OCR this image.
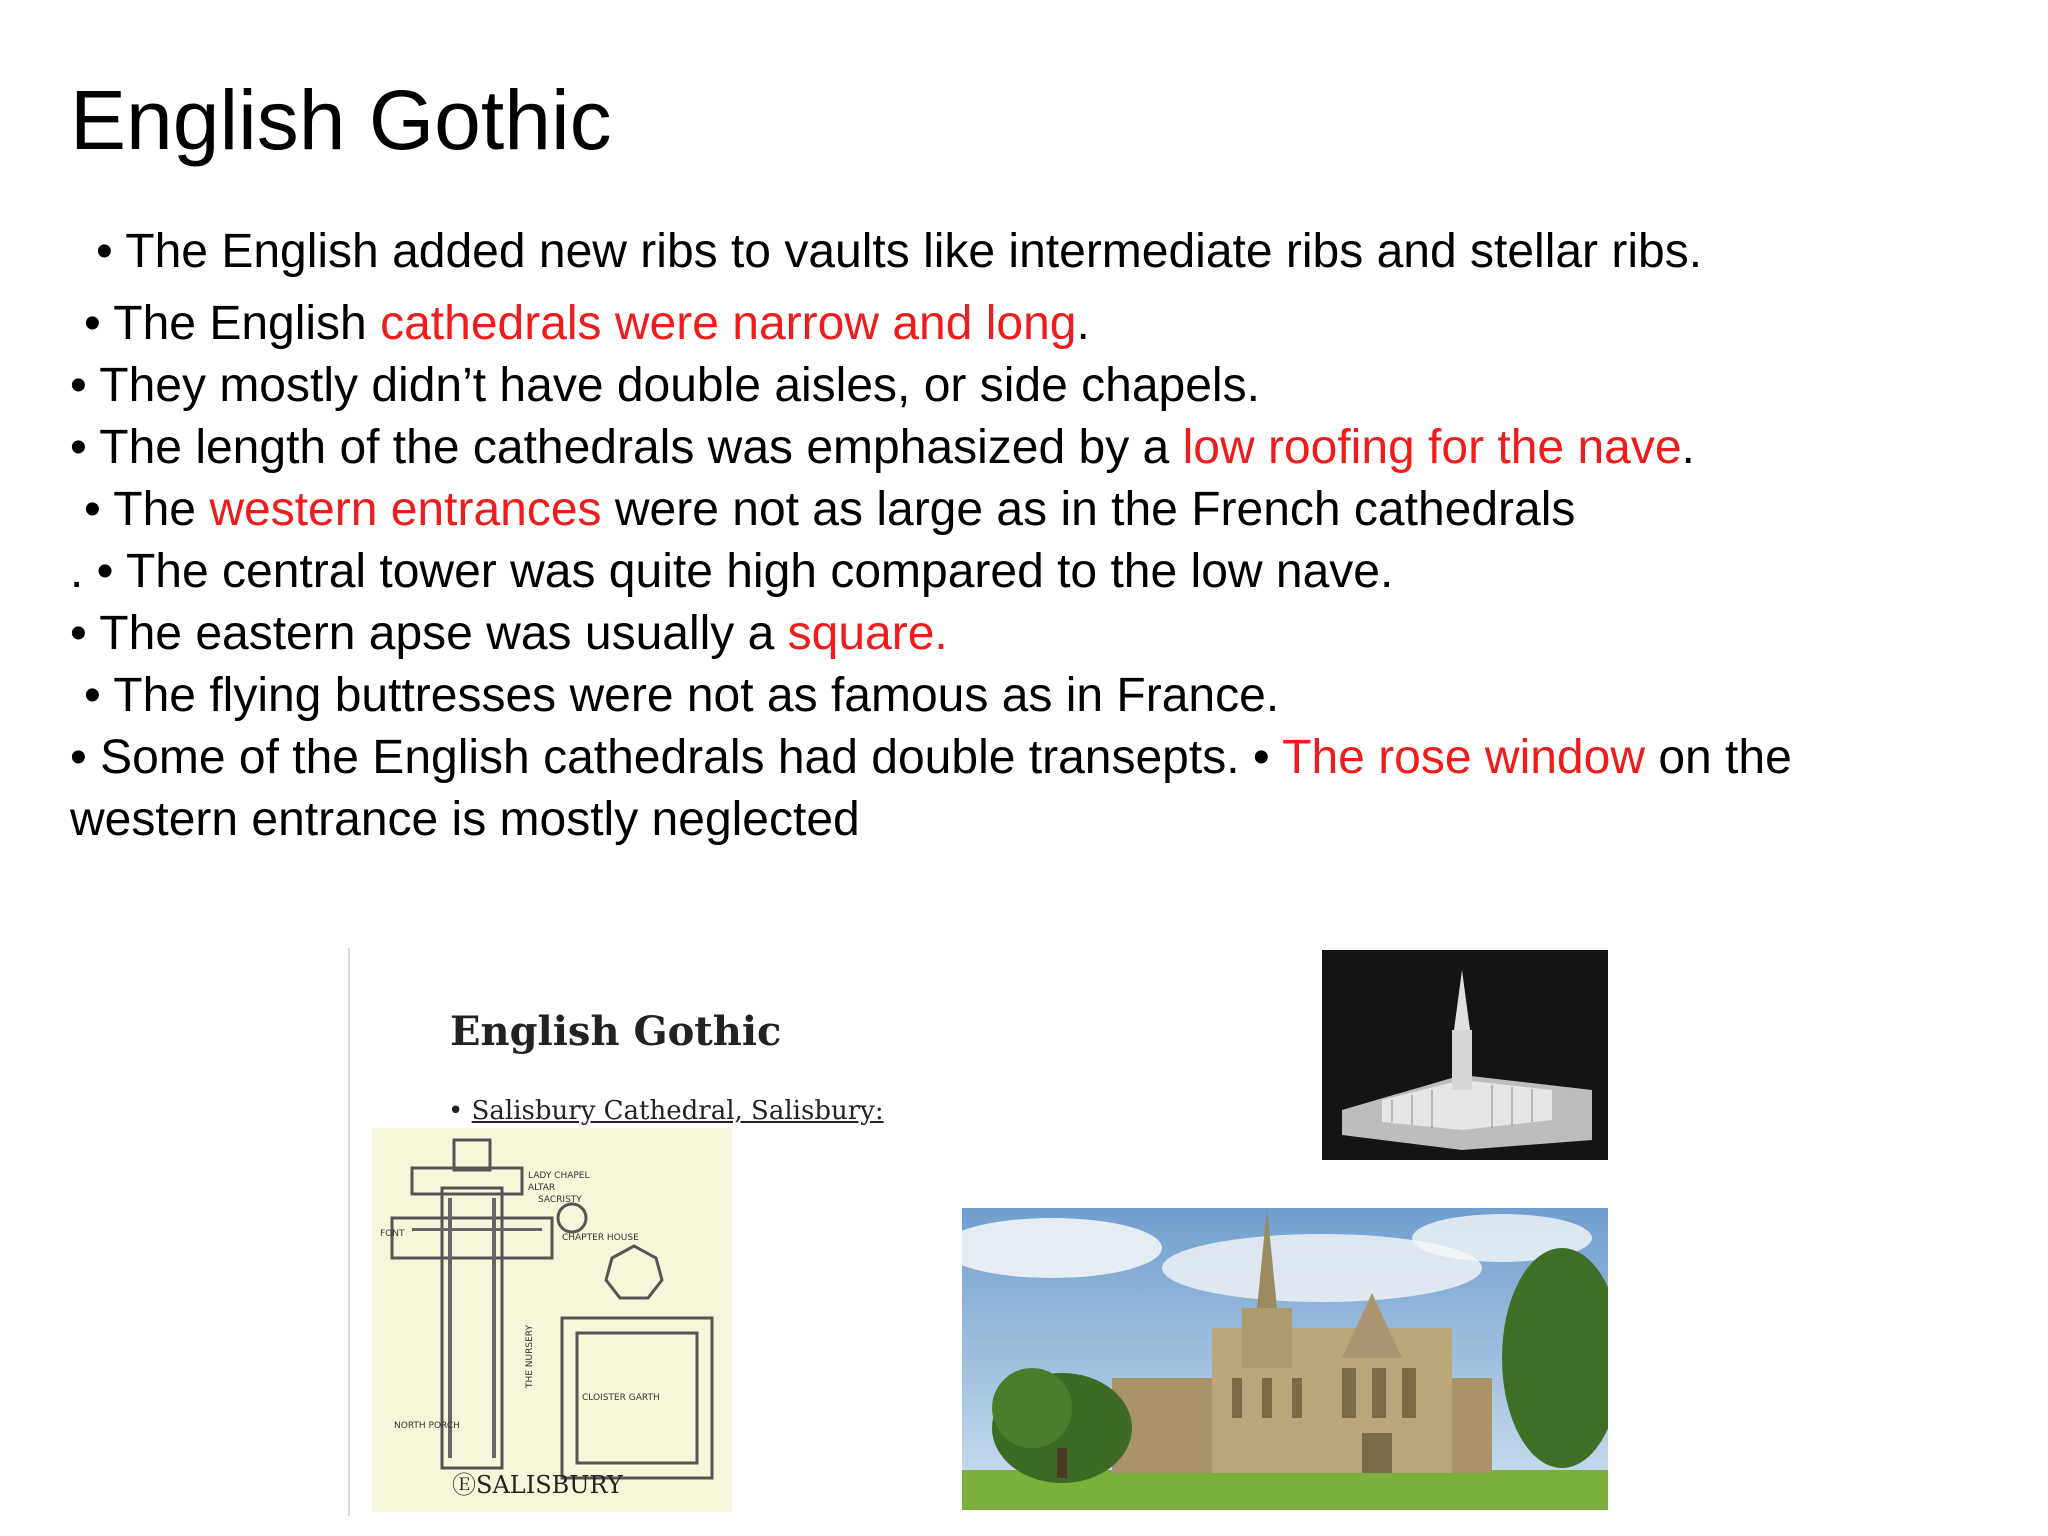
English Gothic
• The English added new ribs to vaults like intermediate ribs and stellar ribs.
• The English cathedrals were narrow and long.
• They mostly didn’t have double aisles, or side chapels.
• The length of the cathedrals was emphasized by a low roofing for the nave.
• The western entrances were not as large as in the French cathedrals
. • The central tower was quite high compared to the low nave.
• The eastern apse was usually a square.
• The flying buttresses were not as famous as in France.
• Some of the English cathedrals had double transepts. • The rose window on the
western entrance is mostly neglected
English Gothic
• Salisbury Cathedral, Salisbury:
LADY CHAPEL
ALTAR
SACRISTY
FONT	CHAPTER HOUSE
CLOISTER GARTH
NORTH PORCH
THE NURSERY
ⒺSALISBURY
